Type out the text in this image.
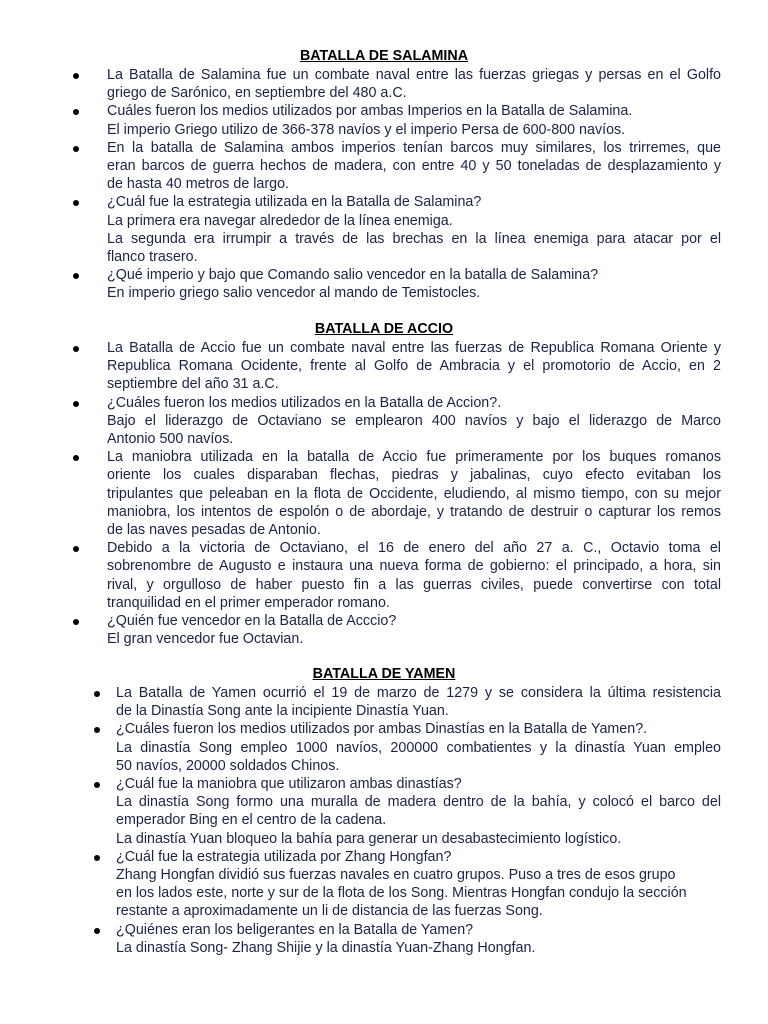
BATALLA DE SALAMINA
La Batalla de Salamina fue un combate naval entre las fuerzas griegas y persas en el Golfo
griego de Sarónico, en septiembre del 480 a.C.
Cuáles fueron los medios utilizados por ambas Imperios en la Batalla de Salamina.
El imperio Griego utilizo de 366-378 navíos y el imperio Persa de 600-800 navíos.
En la batalla de Salamina ambos imperios tenían barcos muy similares, los trirremes, que
eran barcos de guerra hechos de madera, con entre 40 y 50 toneladas de desplazamiento y
de hasta 40 metros de largo.
¿Cuál fue la estrategia utilizada en la Batalla de Salamina?
La primera era navegar alrededor de la línea enemiga.
La segunda era irrumpir a través de las brechas en la línea enemiga para atacar por el
flanco trasero.
¿Qué imperio y bajo que Comando salio vencedor en la batalla de Salamina?
En imperio griego salio vencedor al mando de Temistocles.
BATALLA DE ACCIO
La Batalla de Accio fue un combate naval entre las fuerzas de Republica Romana Oriente y
Republica Romana Ocidente, frente al Golfo de Ambracia y el promotorio de Accio, en 2
septiembre del año 31 a.C.
¿Cuáles fueron los medios utilizados en la Batalla de Accion?.
Bajo el liderazgo de Octaviano se emplearon 400 navíos y bajo el liderazgo de Marco
Antonio 500 navíos.
La maniobra utilizada en la batalla de Accio fue primeramente por los buques romanos
oriente los cuales disparaban flechas, piedras y jabalinas, cuyo efecto evitaban los
tripulantes que peleaban en la flota de Occidente, eludiendo, al mismo tiempo, con su mejor
maniobra, los intentos de espolón o de abordaje, y tratando de destruir o capturar los remos
de las naves pesadas de Antonio.
Debido a la victoria de Octaviano, el 16 de enero del año 27 a. C., Octavio toma el
sobrenombre de Augusto e instaura una nueva forma de gobierno: el principado, a hora, sin
rival, y orgulloso de haber puesto fin a las guerras civiles, puede convertirse con total
tranquilidad en el primer emperador romano.
¿Quién fue vencedor en la Batalla de Acccio?
El gran vencedor fue Octavian.
BATALLA DE YAMEN
La Batalla de Yamen ocurrió el 19 de marzo de 1279 y se considera la última resistencia
de la Dinastía Song ante la incipiente Dinastía Yuan.
¿Cuáles fueron los medios utilizados por ambas Dinastías en la Batalla de Yamen?.
La dinastía Song empleo 1000 navíos, 200000 combatientes y la dinastía Yuan empleo
50 navíos, 20000 soldados Chinos.
¿Cuál fue la maniobra que utilizaron ambas dinastías?
La dinastía Song formo una muralla de madera dentro de la bahía, y colocó el barco del
emperador Bing en el centro de la cadena.
La dinastía Yuan bloqueo la bahía para generar un desabastecimiento logístico.
¿Cuál fue la estrategia utilizada por Zhang Hongfan?
Zhang Hongfan dividió sus fuerzas navales en cuatro grupos. Puso a tres de esos grupo
en los lados este, norte y sur de la flota de los Song. Mientras Hongfan condujo la sección
restante a aproximadamente un li de distancia de las fuerzas Song.
¿Quiénes eran los beligerantes en la Batalla de Yamen?
La dinastía Song- Zhang Shijie y la dinastía Yuan-Zhang Hongfan.
